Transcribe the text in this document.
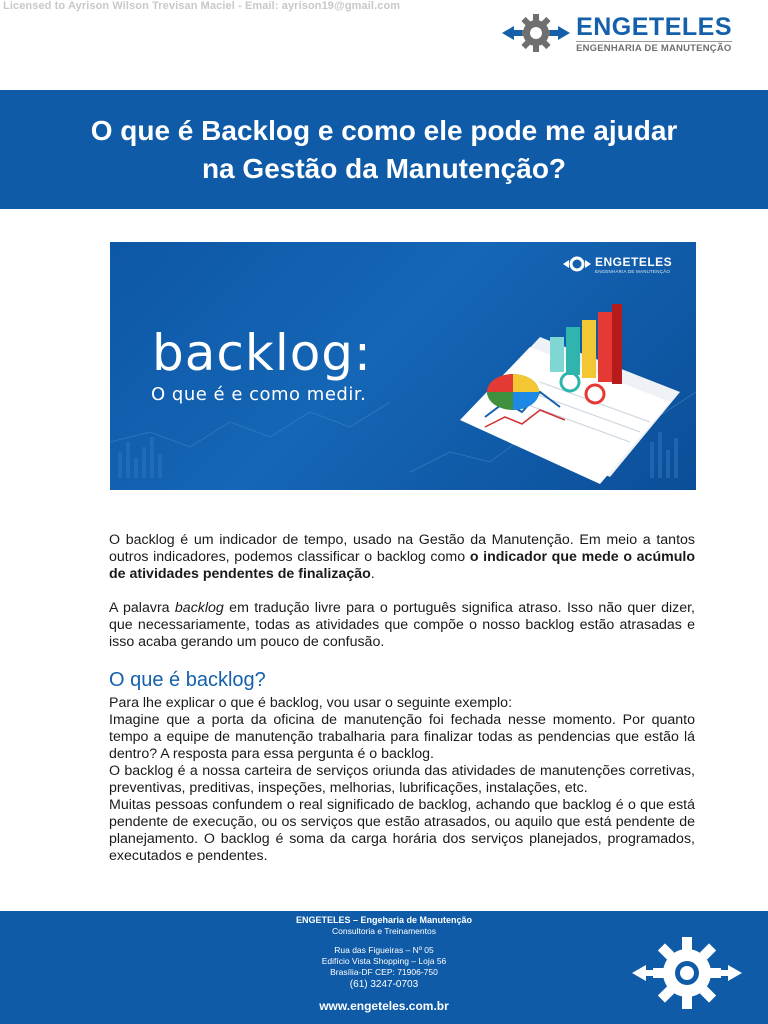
Licensed to Ayrison Wilson Trevisan Maciel - Email: ayrison19@gmail.com
ENGETELES
ENGENHARIA DE MANUTENÇÃO
O que é Backlog e como ele pode me ajudar na Gestão da Manutenção?
ENGETELES
ENGENHARIA DE MANUTENÇÃO
backlog:
O que é e como medir.

O backlog é um indicador de tempo, usado na Gestão da Manutenção. Em meio a tantos outros indicadores, podemos classificar o backlog como o indicador que mede o acúmulo de atividades pendentes de finalização.

A palavra backlog em tradução livre para o português significa atraso. Isso não quer dizer, que necessariamente, todas as atividades que compõe o nosso backlog estão atrasadas e isso acaba gerando um pouco de confusão.

O que é backlog?

Para lhe explicar o que é backlog, vou usar o seguinte exemplo:

Imagine que a porta da oficina de manutenção foi fechada nesse momento. Por quanto tempo a equipe de manutenção trabalharia para finalizar todas as pendencias que estão lá dentro? A resposta para essa pergunta é o backlog.

O backlog é a nossa carteira de serviços oriunda das atividades de manutenções corretivas, preventivas, preditivas, inspeções, melhorias, lubrificações, instalações, etc.

Muitas pessoas confundem o real significado de backlog, achando que backlog é o que está pendente de execução, ou os serviços que estão atrasados, ou aquilo que está pendente de planejamento. O backlog é soma da carga horária dos serviços planejados, programados, executados e pendentes.

ENGETELES – Engeharia de Manutenção
Consultoria e Treinamentos
Rua das Figueiras – Nº 05
Edifício Vista Shopping – Loja 56
Brasília-DF CEP: 71906-750
(61) 3247-0703
www.engeteles.com.br
